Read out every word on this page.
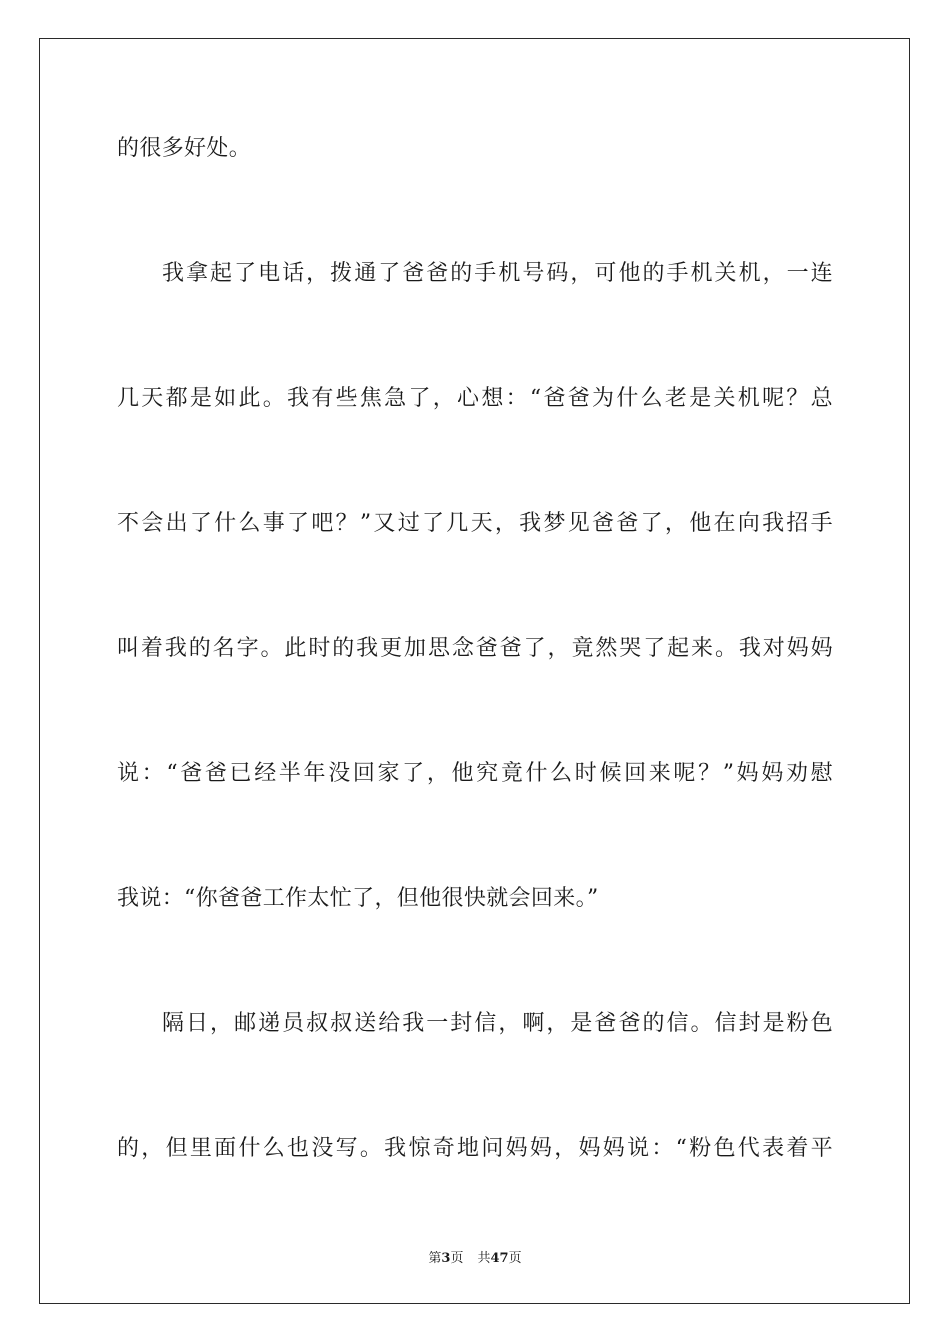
的很多好处。

我拿起了电话，拨通了爸爸的手机号码，可他的手机关机，一连

几天都是如此。我有些焦急了，心想：“爸爸为什么老是关机呢？总

不会出了什么事了吧？”又过了几天，我梦见爸爸了，他在向我招手

叫着我的名字。此时的我更加思念爸爸了，竟然哭了起来。我对妈妈

说：“爸爸已经半年没回家了，他究竟什么时候回来呢？”妈妈劝慰

我说：“你爸爸工作太忙了，但他很快就会回来。”

隔日，邮递员叔叔送给我一封信，啊，是爸爸的信。信封是粉色

的，但里面什么也没写。我惊奇地问妈妈，妈妈说：“粉色代表着平

第3页 共47页
